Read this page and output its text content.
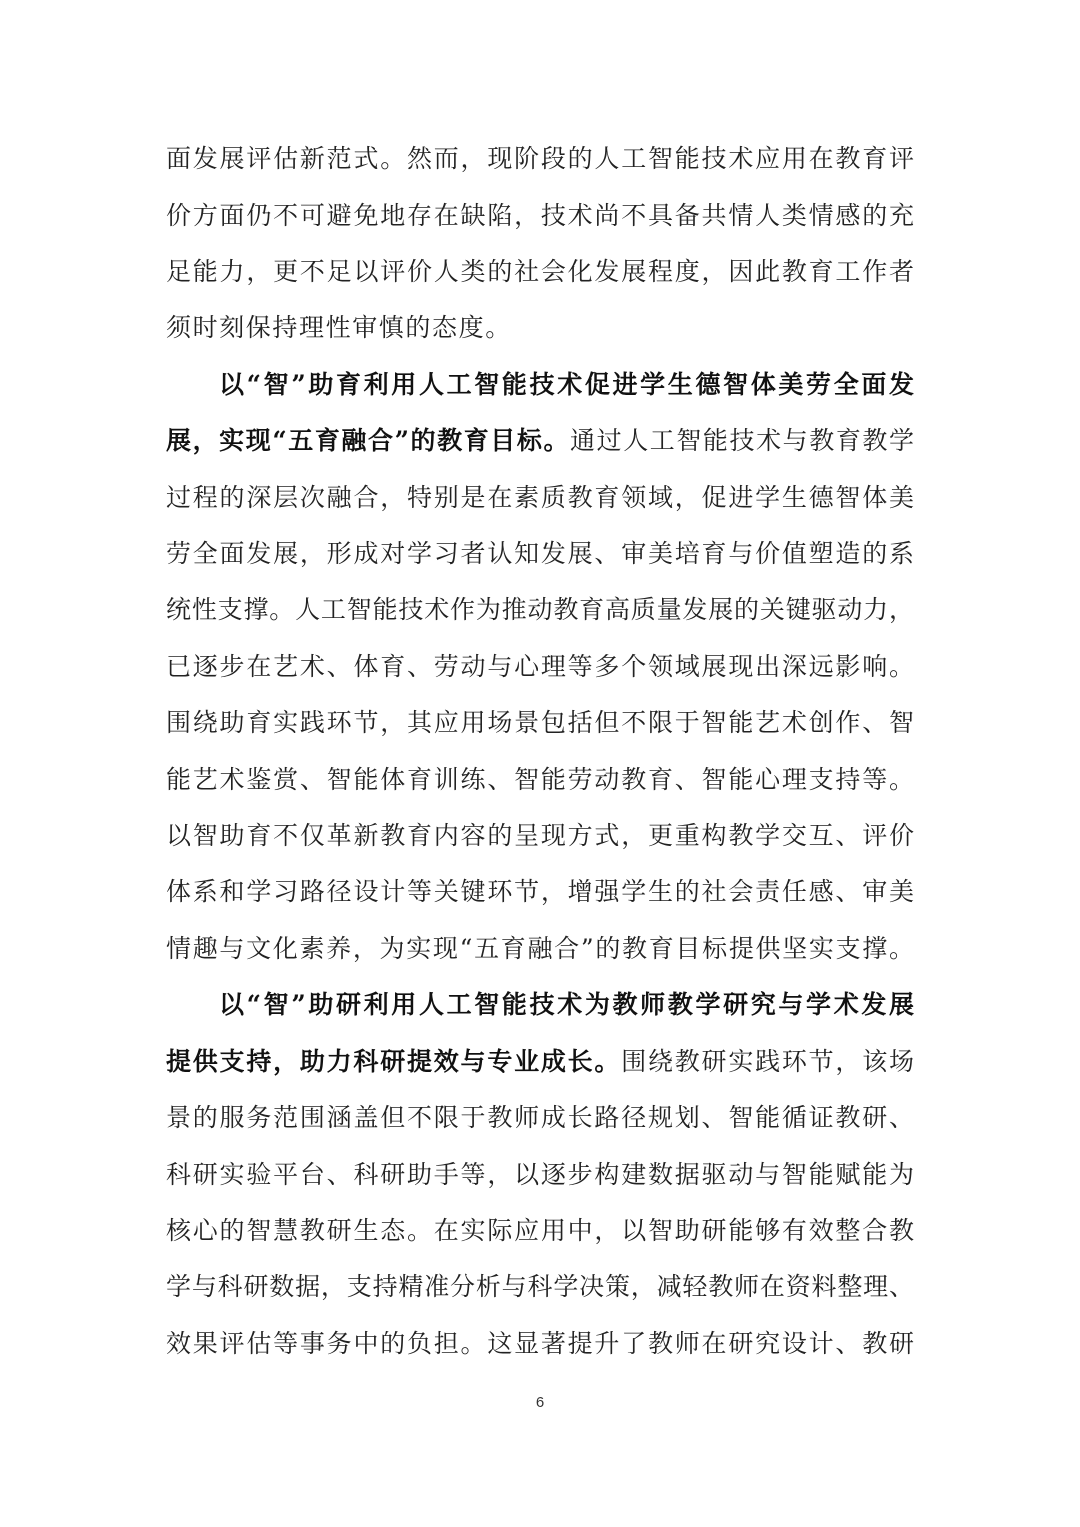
面发展评估新范式。然而，现阶段的人工智能技术应用在教育评
价方面仍不可避免地存在缺陷，技术尚不具备共情人类情感的充
足能力，更不足以评价人类的社会化发展程度，因此教育工作者
须时刻保持理性审慎的态度。
以“智”助育利用人工智能技术促进学生德智体美劳全面发
展，实现“五育融合”的教育目标。通过人工智能技术与教育教学
过程的深层次融合，特别是在素质教育领域，促进学生德智体美
劳全面发展，形成对学习者认知发展、审美培育与价值塑造的系
统性支撑。人工智能技术作为推动教育高质量发展的关键驱动力，
已逐步在艺术、体育、劳动与心理等多个领域展现出深远影响。
围绕助育实践环节，其应用场景包括但不限于智能艺术创作、智
能艺术鉴赏、智能体育训练、智能劳动教育、智能心理支持等。
以智助育不仅革新教育内容的呈现方式，更重构教学交互、评价
体系和学习路径设计等关键环节，增强学生的社会责任感、审美
情趣与文化素养，为实现“五育融合”的教育目标提供坚实支撑。
以“智”助研利用人工智能技术为教师教学研究与学术发展
提供支持，助力科研提效与专业成长。围绕教研实践环节，该场
景的服务范围涵盖但不限于教师成长路径规划、智能循证教研、
科研实验平台、科研助手等，以逐步构建数据驱动与智能赋能为
核心的智慧教研生态。在实际应用中，以智助研能够有效整合教
学与科研数据，支持精准分析与科学决策，减轻教师在资料整理、
效果评估等事务中的负担。这显著提升了教师在研究设计、教研
6
